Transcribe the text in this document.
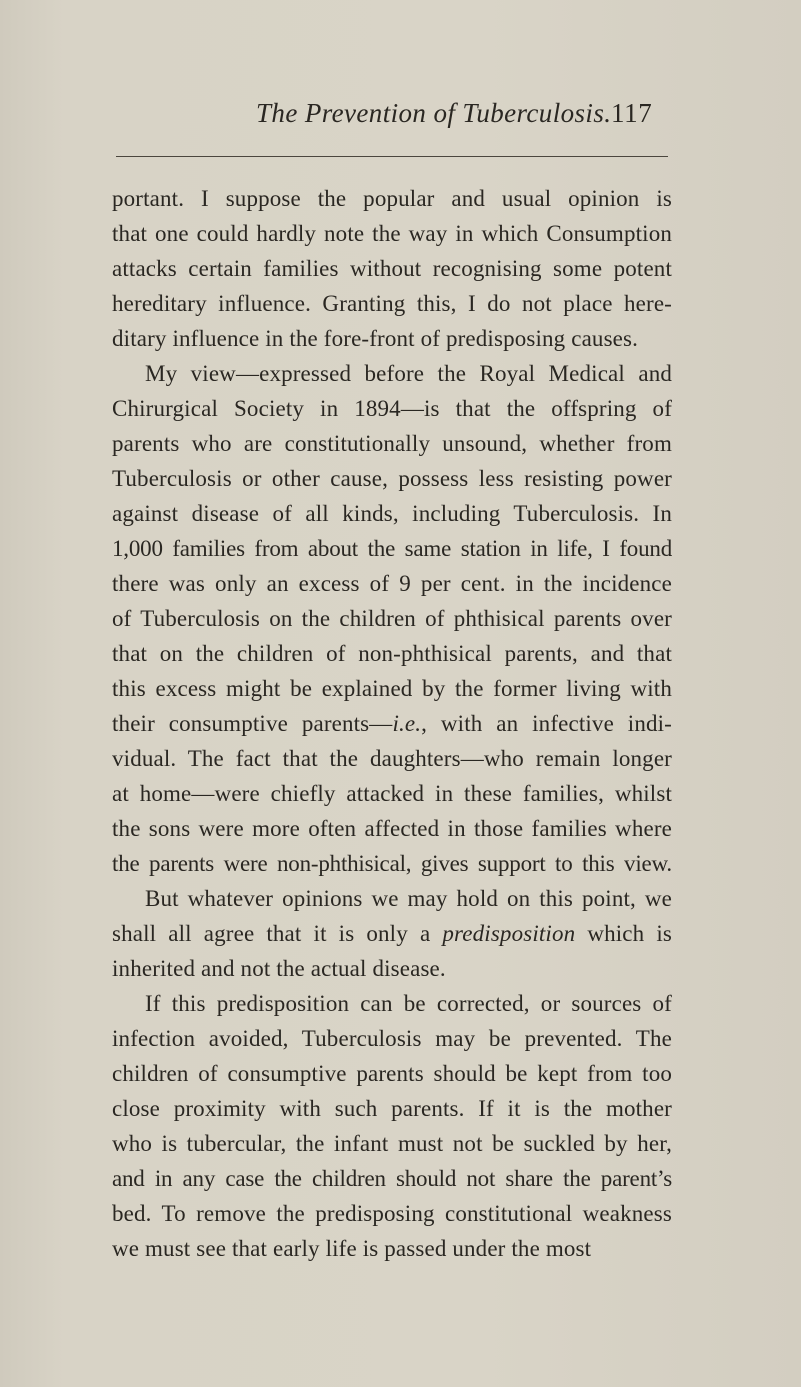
The Prevention of Tuberculosis. 117
portant. I suppose the popular and usual opinion is
that one could hardly note the way in which Consumption
attacks certain families without recognising some potent
hereditary influence. Granting this, I do not place here-
ditary influence in the fore-front of predisposing causes.
My view—expressed before the Royal Medical and
Chirurgical Society in 1894—is that the offspring of
parents who are constitutionally unsound, whether from
Tuberculosis or other cause, possess less resisting power
against disease of all kinds, including Tuberculosis. In
1,000 families from about the same station in life, I found
there was only an excess of 9 per cent. in the incidence
of Tuberculosis on the children of phthisical parents over
that on the children of non-phthisical parents, and that
this excess might be explained by the former living with
their consumptive parents—i.e., with an infective indi-
vidual. The fact that the daughters—who remain longer
at home—were chiefly attacked in these families, whilst
the sons were more often affected in those families where
the parents were non-phthisical, gives support to this view.
But whatever opinions we may hold on this point, we
shall all agree that it is only a predisposition which is
inherited and not the actual disease.
If this predisposition can be corrected, or sources of
infection avoided, Tuberculosis may be prevented. The
children of consumptive parents should be kept from too
close proximity with such parents. If it is the mother
who is tubercular, the infant must not be suckled by her,
and in any case the children should not share the parent’s
bed. To remove the predisposing constitutional weakness
we must see that early life is passed under the most
